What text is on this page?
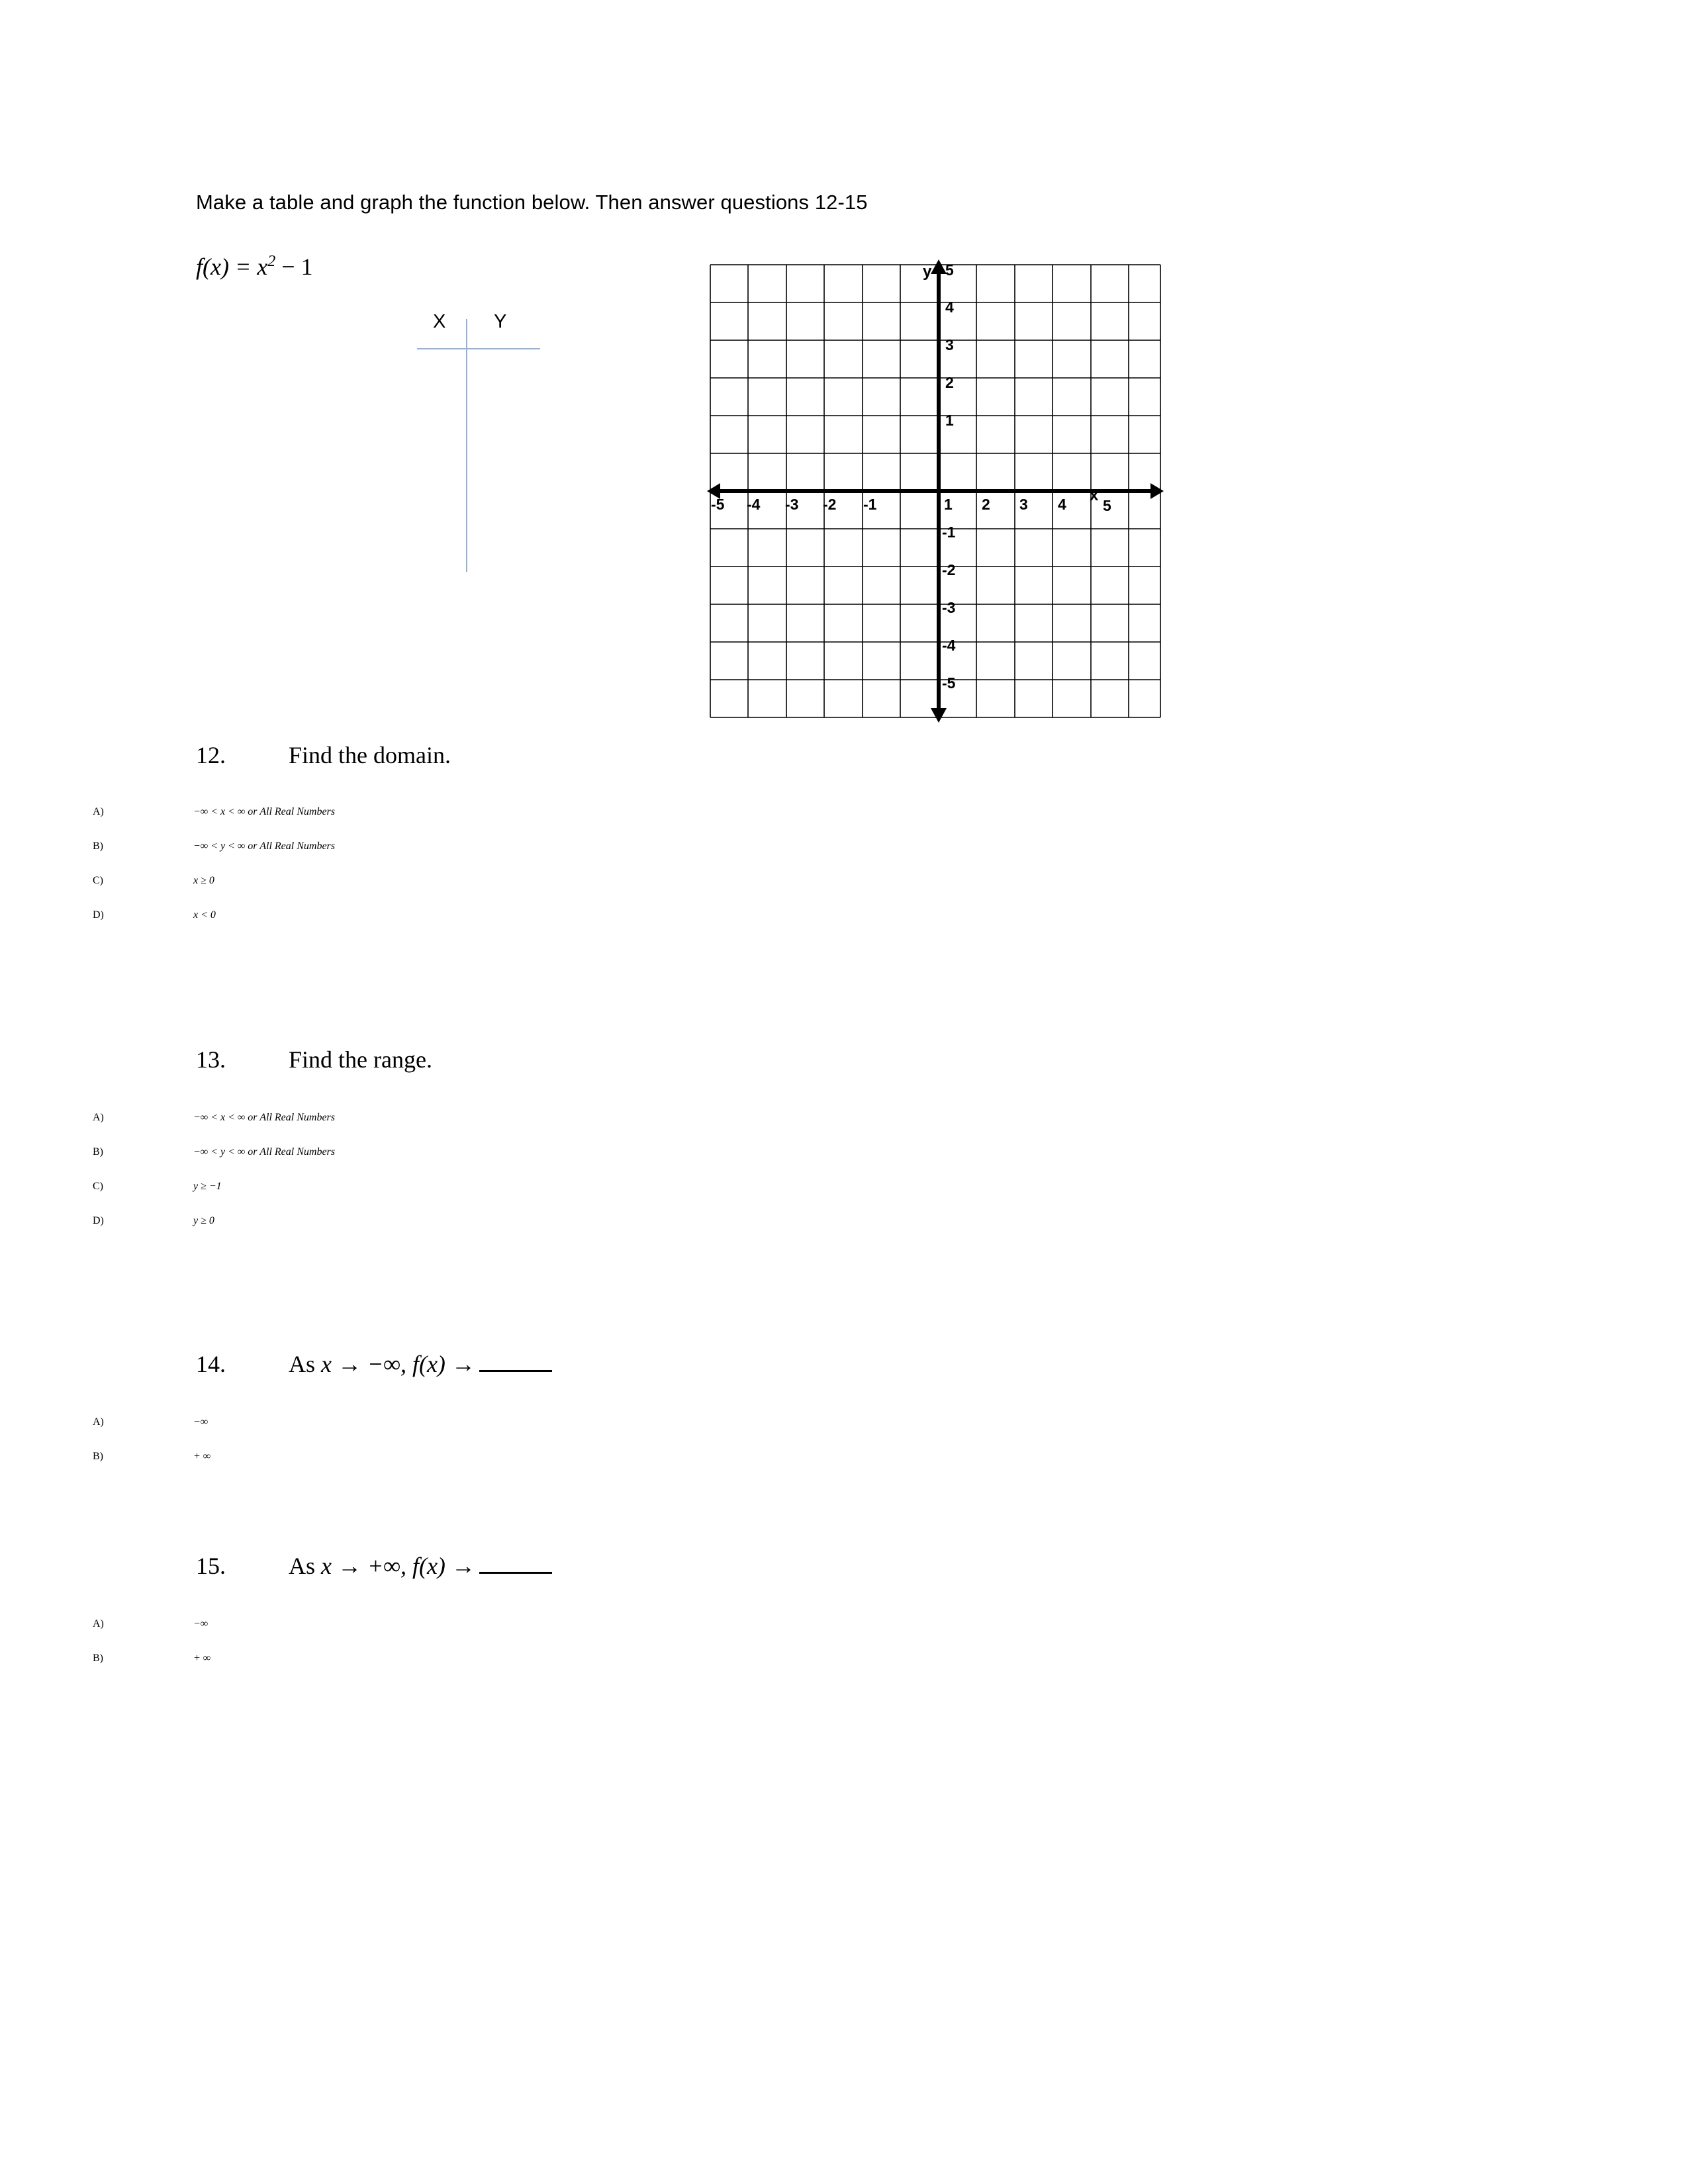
Make a table and graph the function below. Then answer questions 12-15
$f(x) = x^2 - 1$
X	Y
-5 -4 -3 -2 -1	1 2 3 4 5
5
4
3
2
1
-1
-2
-3
-4
-5
y
x
12.	Find the domain.
A)	−∞ < x < ∞ or All Real Numbers
B)	−∞ < y < ∞ or All Real Numbers
C)	x ≥ 0
D)	x < 0
13.	Find the range.
A)	−∞ < x < ∞ or All Real Numbers
B)	−∞ < y < ∞ or All Real Numbers
C)	y ≥ −1
D)	y ≥ 0
14.	As x → −∞, f(x) →
A)	−∞
B)	+ ∞
15.	As x → +∞, f(x) →
A)	−∞
B)	+ ∞
